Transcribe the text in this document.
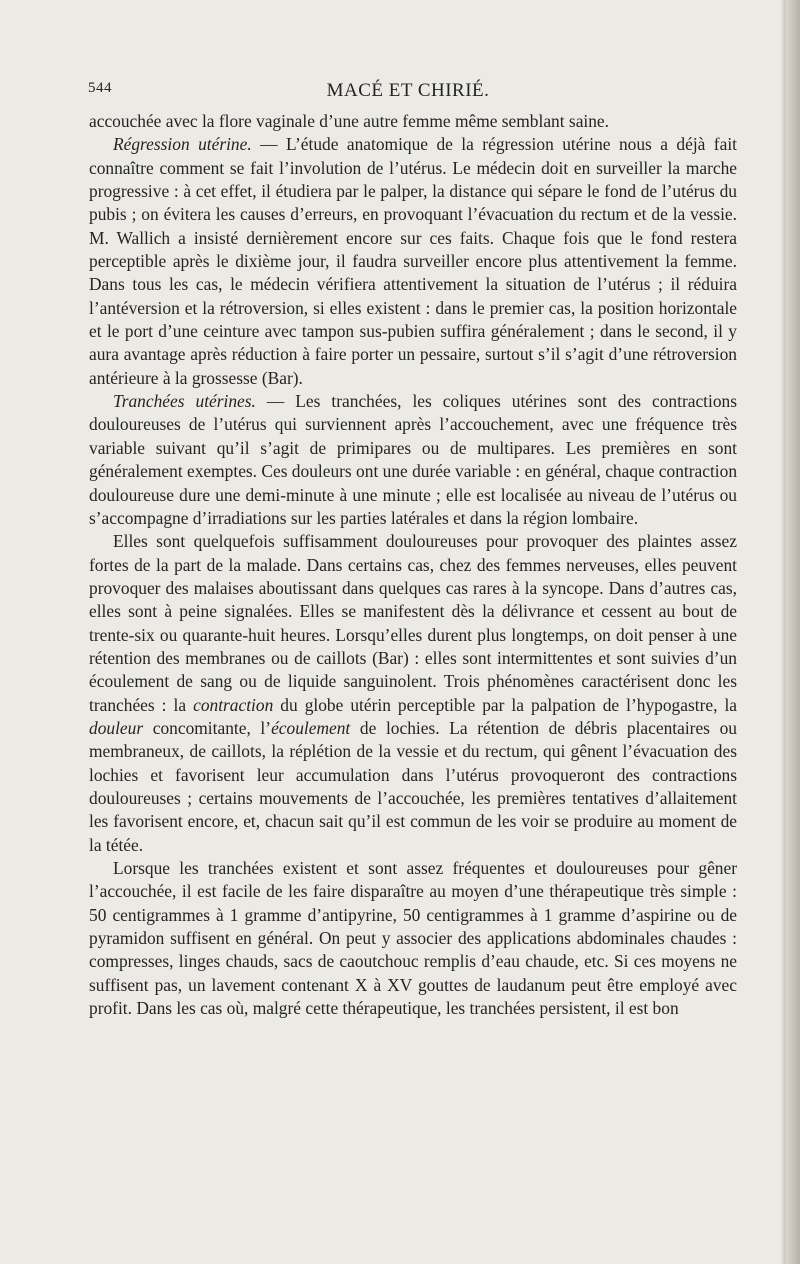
544	MACÉ ET CHIRIÉ.

accouchée avec la flore vaginale d’une autre femme même semblant saine.

Régression utérine. — L’étude anatomique de la régression utérine nous a déjà fait connaître comment se fait l’involution de l’utérus. Le médecin doit en surveiller la marche progressive : à cet effet, il étudiera par le palper, la distance qui sépare le fond de l’utérus du pubis ; on évitera les causes d’erreurs, en provoquant l’évacuation du rectum et de la vessie. M. Wallich a insisté dernièrement encore sur ces faits. Chaque fois que le fond restera perceptible après le dixième jour, il faudra surveiller encore plus attentivement la femme. Dans tous les cas, le médecin vérifiera attentivement la situation de l’utérus ; il réduira l’antéversion et la rétroversion, si elles existent : dans le premier cas, la position horizontale et le port d’une ceinture avec tampon sus-pubien suffira généralement ; dans le second, il y aura avantage après réduction à faire porter un pessaire, surtout s’il s’agit d’une rétroversion antérieure à la grossesse (Bar).

Tranchées utérines. — Les tranchées, les coliques utérines sont des contractions douloureuses de l’utérus qui surviennent après l’accouchement, avec une fréquence très variable suivant qu’il s’agit de primipares ou de multipares. Les premières en sont généralement exemptes. Ces douleurs ont une durée variable : en général, chaque contraction douloureuse dure une demi-minute à une minute ; elle est localisée au niveau de l’utérus ou s’accompagne d’irradiations sur les parties latérales et dans la région lombaire.

Elles sont quelquefois suffisamment douloureuses pour provoquer des plaintes assez fortes de la part de la malade. Dans certains cas, chez des femmes nerveuses, elles peuvent provoquer des malaises aboutissant dans quelques cas rares à la syncope. Dans d’autres cas, elles sont à peine signalées. Elles se manifestent dès la délivrance et cessent au bout de trente-six ou quarante-huit heures. Lorsqu’elles durent plus longtemps, on doit penser à une rétention des membranes ou de caillots (Bar) : elles sont intermittentes et sont suivies d’un écoulement de sang ou de liquide sanguinolent. Trois phénomènes caractérisent donc les tranchées : la contraction du globe utérin perceptible par la palpation de l’hypogastre, la douleur concomitante, l’écoulement de lochies. La rétention de débris placentaires ou membraneux, de caillots, la réplétion de la vessie et du rectum, qui gênent l’évacuation des lochies et favorisent leur accumulation dans l’utérus provoqueront des contractions douloureuses ; certains mouvements de l’accouchée, les premières tentatives d’allaitement les favorisent encore, et, chacun sait qu’il est commun de les voir se produire au moment de la tétée.

Lorsque les tranchées existent et sont assez fréquentes et douloureuses pour gêner l’accouchée, il est facile de les faire disparaître au moyen d’une thérapeutique très simple : 50 centigrammes à 1 gramme d’antipyrine, 50 centigrammes à 1 gramme d’aspirine ou de pyramidon suffisent en général. On peut y associer des applications abdominales chaudes : compresses, linges chauds, sacs de caoutchouc remplis d’eau chaude, etc. Si ces moyens ne suffisent pas, un lavement contenant X à XV gouttes de laudanum peut être employé avec profit. Dans les cas où, malgré cette thérapeutique, les tranchées persistent, il est bon
